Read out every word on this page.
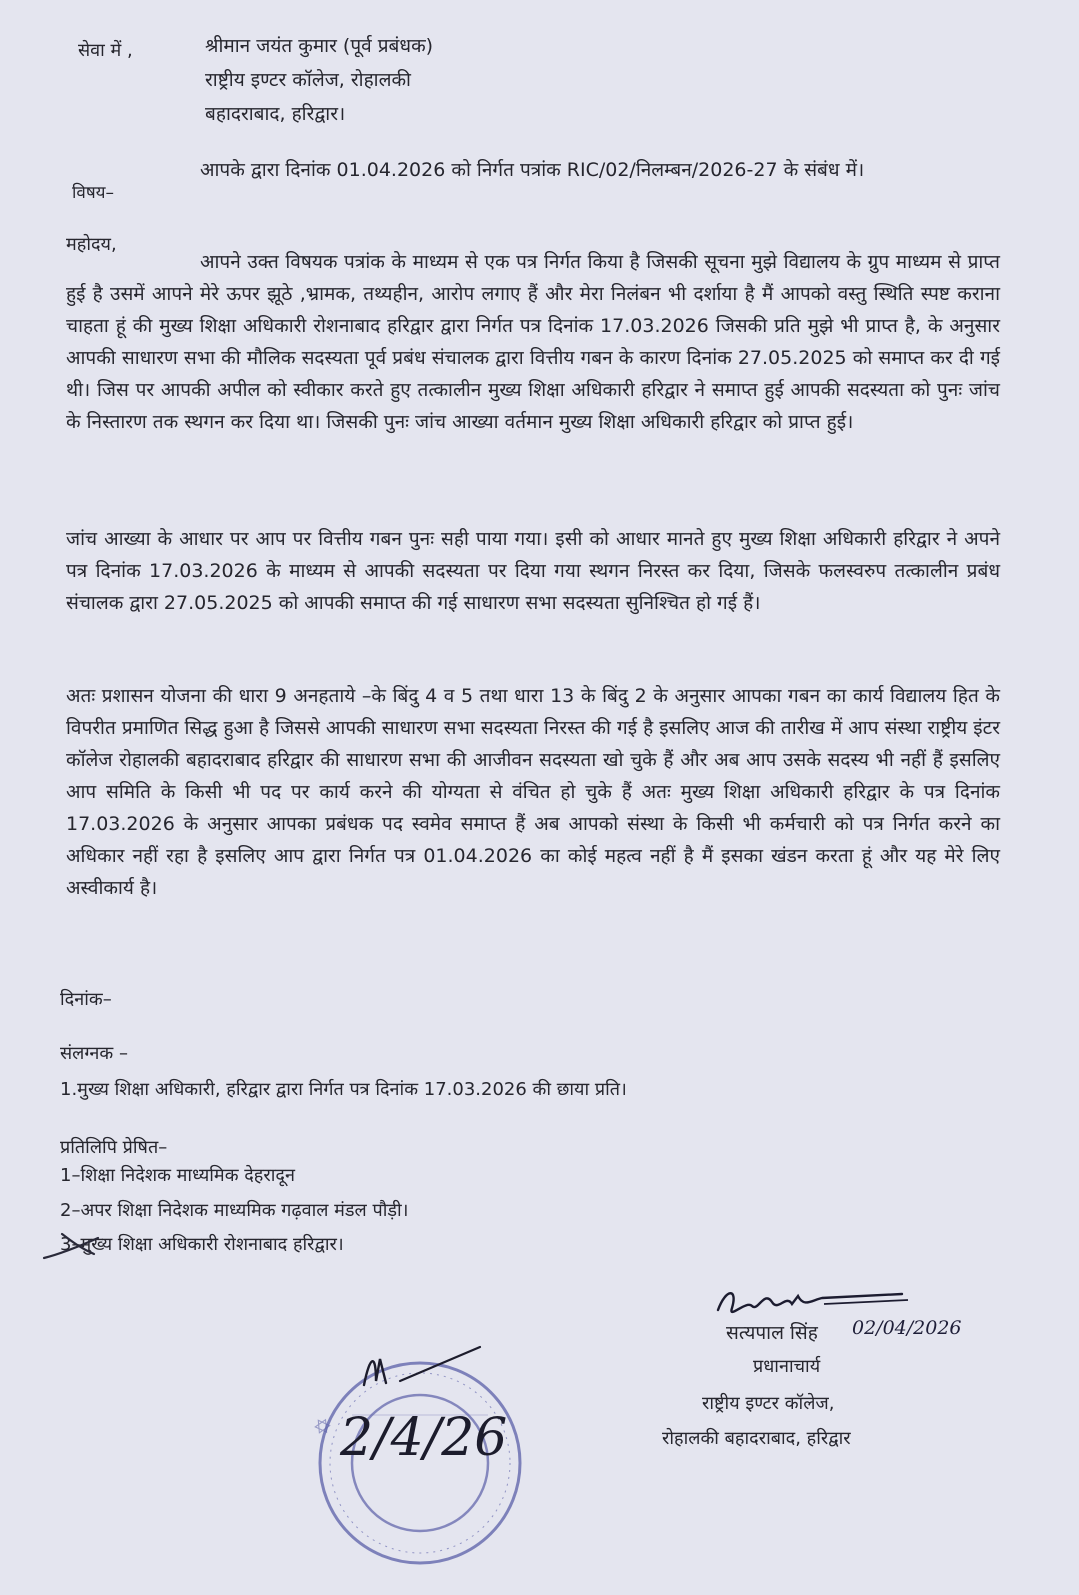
सेवा में ,	श्रीमान जयंत कुमार (पूर्व प्रबंधक)
राष्ट्रीय इण्टर कॉलेज, रोहालकी
बहादराबाद, हरिद्वार।
आपके द्वारा दिनांक 01.04.2026 को निर्गत पत्रांक RIC/02/निलम्बन/2026-27 के संबंध में।
विषय–
महोदय,
आपने उक्त विषयक पत्रांक के माध्यम से एक पत्र निर्गत किया है जिसकी सूचना मुझे विद्यालय के ग्रुप माध्यम से प्राप्त हुई है उसमें आपने मेरे ऊपर झूठे ,भ्रामक, तथ्यहीन, आरोप लगाए हैं और मेरा निलंबन भी दर्शाया है मैं आपको वस्तु स्थिति स्पष्ट कराना चाहता हूं की मुख्य शिक्षा अधिकारी रोशनाबाद हरिद्वार द्वारा निर्गत पत्र दिनांक 17.03.2026 जिसकी प्रति मुझे भी प्राप्त है, के अनुसार आपकी साधारण सभा की मौलिक सदस्यता पूर्व प्रबंध संचालक द्वारा वित्तीय गबन के कारण दिनांक 27.05.2025 को समाप्त कर दी गई थी। जिस पर आपकी अपील को स्वीकार करते हुए तत्कालीन मुख्य शिक्षा अधिकारी हरिद्वार ने समाप्त हुई आपकी सदस्यता को पुनः जांच के निस्तारण तक स्थगन कर दिया था। जिसकी पुनः जांच आख्या वर्तमान मुख्य शिक्षा अधिकारी हरिद्वार को प्राप्त हुई।
जांच आख्या के आधार पर आप पर वित्तीय गबन पुनः सही पाया गया। इसी को आधार मानते हुए मुख्य शिक्षा अधिकारी हरिद्वार ने अपने पत्र दिनांक 17.03.2026 के माध्यम से आपकी सदस्यता पर दिया गया स्थगन निरस्त कर दिया, जिसके फलस्वरुप तत्कालीन प्रबंध संचालक द्वारा 27.05.2025 को आपकी समाप्त की गई साधारण सभा सदस्यता सुनिश्चित हो गई हैं।
अतः प्रशासन योजना की धारा 9 अनहताये –के बिंदु 4 व 5 तथा धारा 13 के बिंदु 2 के अनुसार आपका गबन का कार्य विद्यालय हित के विपरीत प्रमाणित सिद्ध हुआ है जिससे आपकी साधारण सभा सदस्यता निरस्त की गई है इसलिए आज की तारीख में आप संस्था राष्ट्रीय इंटर कॉलेज रोहालकी बहादराबाद हरिद्वार की साधारण सभा की आजीवन सदस्यता खो चुके हैं और अब आप उसके सदस्य भी नहीं हैं इसलिए आप समिति के किसी भी पद पर कार्य करने की योग्यता से वंचित हो चुके हैं अतः मुख्य शिक्षा अधिकारी हरिद्वार के पत्र दिनांक 17.03.2026 के अनुसार आपका प्रबंधक पद स्वमेव समाप्त हैं अब आपको संस्था के किसी भी कर्मचारी को पत्र निर्गत करने का अधिकार नहीं रहा है इसलिए आप द्वारा निर्गत पत्र 01.04.2026 का कोई महत्व नहीं है मैं इसका खंडन करता हूं और यह मेरे लिए अस्वीकार्य है।
दिनांक–
संलग्नक –
1.मुख्य शिक्षा अधिकारी, हरिद्वार द्वारा निर्गत पत्र दिनांक 17.03.2026 की छाया प्रति।
प्रतिलिपि प्रेषित–
1–शिक्षा निदेशक माध्यमिक देहरादून
2–अपर शिक्षा निदेशक माध्यमिक गढ़वाल मंडल पौड़ी।
3–मुख्य शिक्षा अधिकारी रोशनाबाद हरिद्वार।
सत्यपाल सिंह 02/04/2026
प्रधानाचार्य
राष्ट्रीय इण्टर कॉलेज,
रोहालकी बहादराबाद, हरिद्वार
✡ 2/4/26
